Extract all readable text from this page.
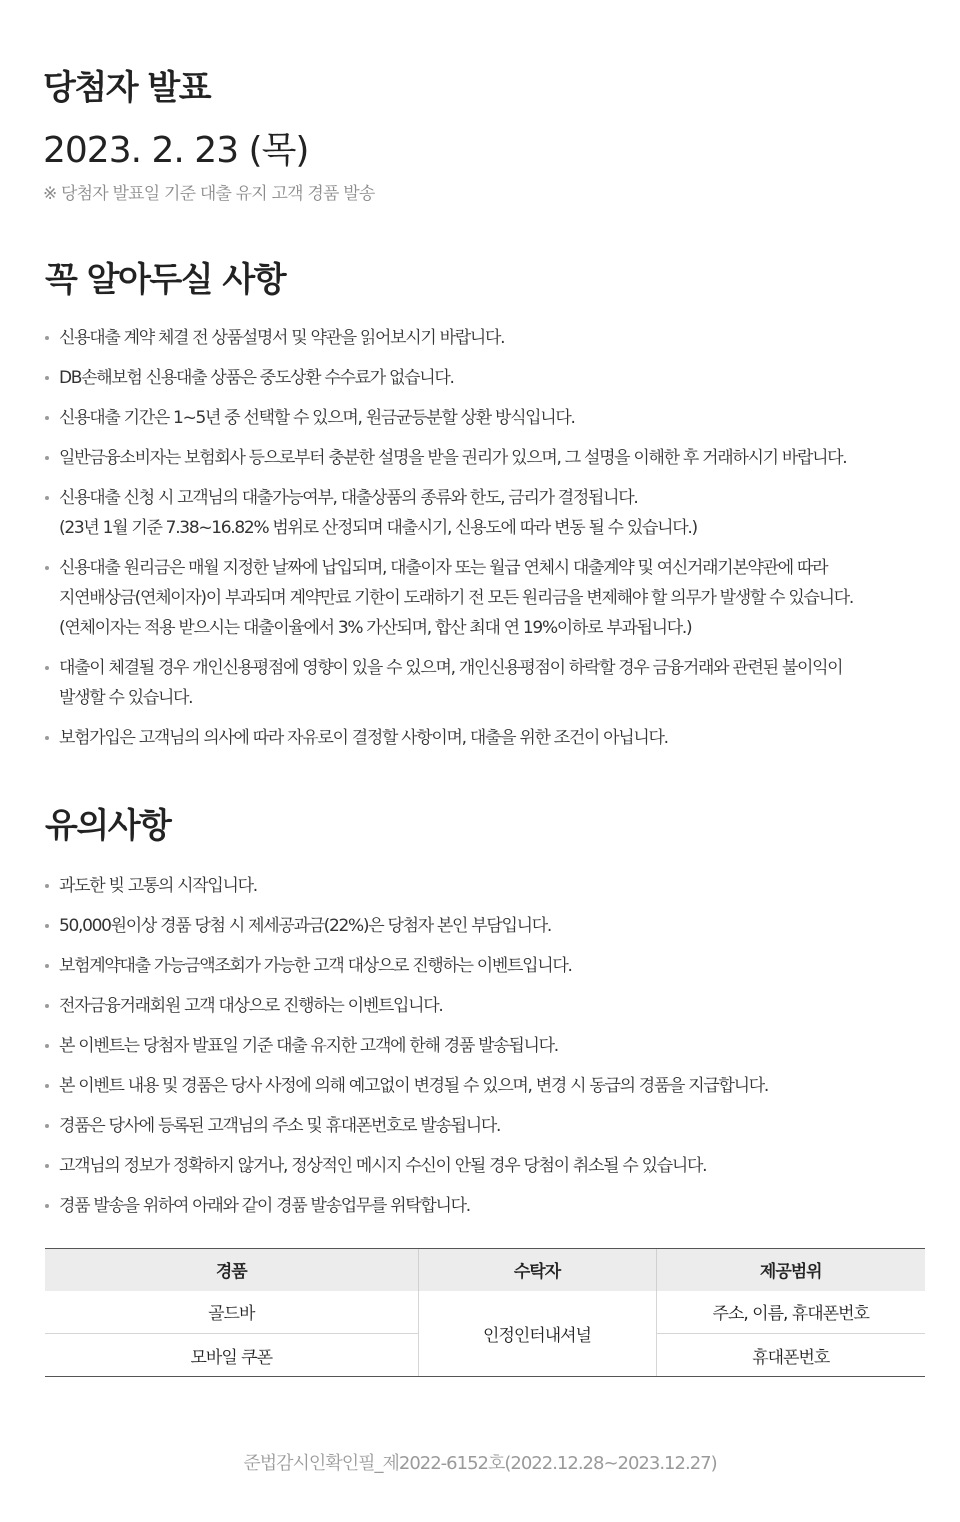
당첨자 발표
2023. 2. 23 (목)
※ 당첨자 발표일 기준 대출 유지 고객 경품 발송
꼭 알아두실 사항
신용대출 계약 체결 전 상품설명서 및 약관을 읽어보시기 바랍니다.
DB손해보험 신용대출 상품은 중도상환 수수료가 없습니다.
신용대출 기간은 1~5년 중 선택할 수 있으며, 원금균등분할 상환 방식입니다.
일반금융소비자는 보험회사 등으로부터 충분한 설명을 받을 권리가 있으며, 그 설명을 이해한 후 거래하시기 바랍니다.
신용대출 신청 시 고객님의 대출가능여부, 대출상품의 종류와 한도, 금리가 결정됩니다.
(23년 1월 기준 7.38~16.82% 범위로 산정되며 대출시기, 신용도에 따라 변동 될 수 있습니다.)
신용대출 원리금은 매월 지정한 날짜에 납입되며, 대출이자 또는 월급 연체시 대출계약 및 여신거래기본약관에 따라
지연배상금(연체이자)이 부과되며 계약만료 기한이 도래하기 전 모든 원리금을 변제해야 할 의무가 발생할 수 있습니다.
(연체이자는 적용 받으시는 대출이율에서 3% 가산되며, 합산 최대 연 19%이하로 부과됩니다.)
대출이 체결될 경우 개인신용평점에 영향이 있을 수 있으며, 개인신용평점이 하락할 경우 금융거래와 관련된 불이익이
발생할 수 있습니다.
보험가입은 고객님의 의사에 따라 자유로이 결정할 사항이며, 대출을 위한 조건이 아닙니다.
유의사항
과도한 빚 고통의 시작입니다.
50,000원이상 경품 당첨 시 제세공과금(22%)은 당첨자 본인 부담입니다.
보험계약대출 가능금액조회가 가능한 고객 대상으로 진행하는 이벤트입니다.
전자금융거래회원 고객 대상으로 진행하는 이벤트입니다.
본 이벤트는 당첨자 발표일 기준 대출 유지한 고객에 한해 경품 발송됩니다.
본 이벤트 내용 및 경품은 당사 사정에 의해 예고없이 변경될 수 있으며, 변경 시 동급의 경품을 지급합니다.
경품은 당사에 등록된 고객님의 주소 및 휴대폰번호로 발송됩니다.
고객님의 정보가 정확하지 않거나, 정상적인 메시지 수신이 안될 경우 당첨이 취소될 수 있습니다.
경품 발송을 위하여 아래와 같이 경품 발송업무를 위탁합니다.
경품	수탁자	제공범위
골드바	인정인터내셔널	주소, 이름, 휴대폰번호
모바일 쿠폰		휴대폰번호
준법감시인확인필_제2022-6152호(2022.12.28~2023.12.27)
